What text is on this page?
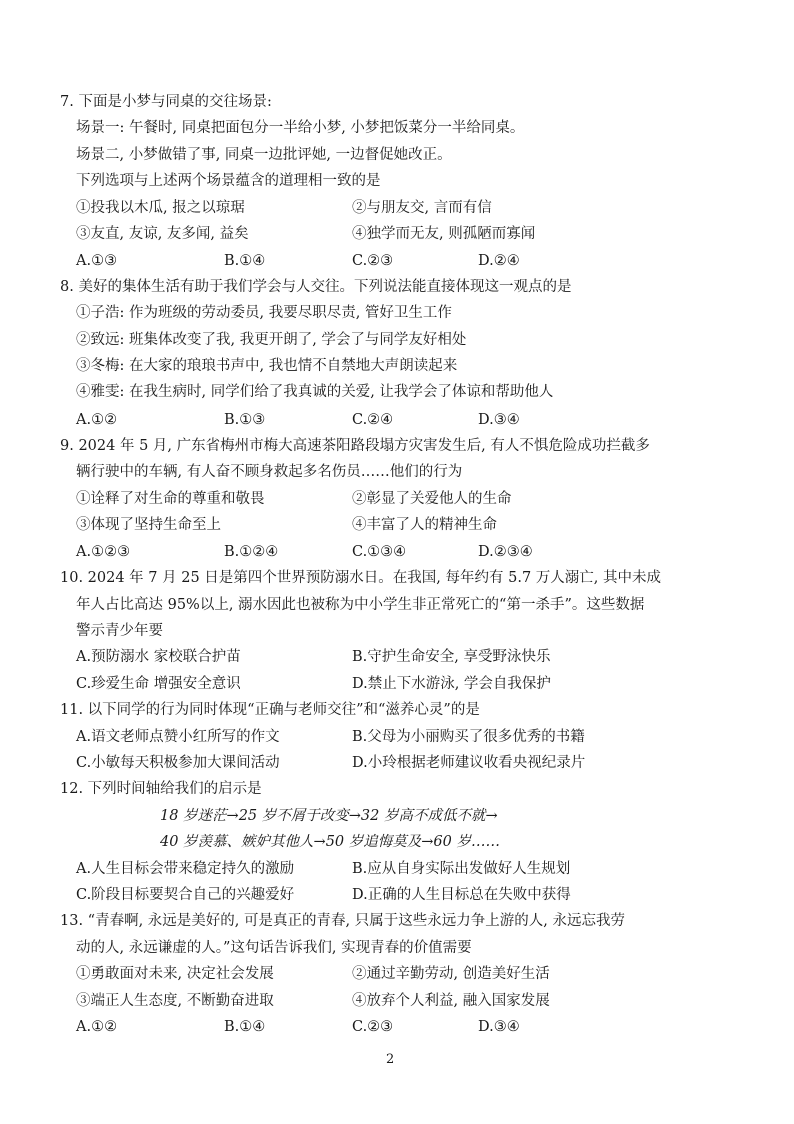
7. 下面是小梦与同桌的交往场景:
场景一: 午餐时, 同桌把面包分一半给小梦, 小梦把饭菜分一半给同桌。
场景二, 小梦做错了事, 同桌一边批评她, 一边督促她改正。
下列选项与上述两个场景蕴含的道理相一致的是
①投我以木瓜, 报之以琼琚	②与朋友交, 言而有信
③友直, 友谅, 友多闻, 益矣	④独学而无友, 则孤陋而寡闻
A.①③	B.①④	C.②③	D.②④
8. 美好的集体生活有助于我们学会与人交往。下列说法能直接体现这一观点的是
①子浩: 作为班级的劳动委员, 我要尽职尽责, 管好卫生工作
②致远: 班集体改变了我, 我更开朗了, 学会了与同学友好相处
③冬梅: 在大家的琅琅书声中, 我也情不自禁地大声朗读起来
④雅雯: 在我生病时, 同学们给了我真诚的关爱, 让我学会了体谅和帮助他人
A.①②	B.①③	C.②④	D.③④
9. 2024 年 5 月, 广东省梅州市梅大高速茶阳路段塌方灾害发生后, 有人不惧危险成功拦截多
辆行驶中的车辆, 有人奋不顾身救起多名伤员……他们的行为
①诠释了对生命的尊重和敬畏	②彰显了关爱他人的生命
③体现了坚持生命至上	④丰富了人的精神生命
A.①②③	B.①②④	C.①③④	D.②③④
10. 2024 年 7 月 25 日是第四个世界预防溺水日。在我国, 每年约有 5.7 万人溺亡, 其中未成
年人占比高达 95%以上, 溺水因此也被称为中小学生非正常死亡的“第一杀手”。这些数据
警示青少年要
A.预防溺水 家校联合护苗	B.守护生命安全, 享受野泳快乐
C.珍爱生命 增强安全意识	D.禁止下水游泳, 学会自我保护
11. 以下同学的行为同时体现“正确与老师交往”和“滋养心灵”的是
A.语文老师点赞小红所写的作文	B.父母为小丽购买了很多优秀的书籍
C.小敏每天积极参加大课间活动	D.小玲根据老师建议收看央视纪录片
12. 下列时间轴给我们的启示是
18 岁迷茫→25 岁不屑于改变→32 岁高不成低不就→
40 岁羡慕、嫉妒其他人→50 岁追悔莫及→60 岁……
A.人生目标会带来稳定持久的激励	B.应从自身实际出发做好人生规划
C.阶段目标要契合自己的兴趣爱好	D.正确的人生目标总在失败中获得
13. “青春啊, 永远是美好的, 可是真正的青春, 只属于这些永远力争上游的人, 永远忘我劳
动的人, 永远谦虚的人。”这句话告诉我们, 实现青春的价值需要
①勇敢面对未来, 决定社会发展	②通过辛勤劳动, 创造美好生活
③端正人生态度, 不断勤奋进取	④放弃个人利益, 融入国家发展
A.①②	B.①④	C.②③	D.③④
2
